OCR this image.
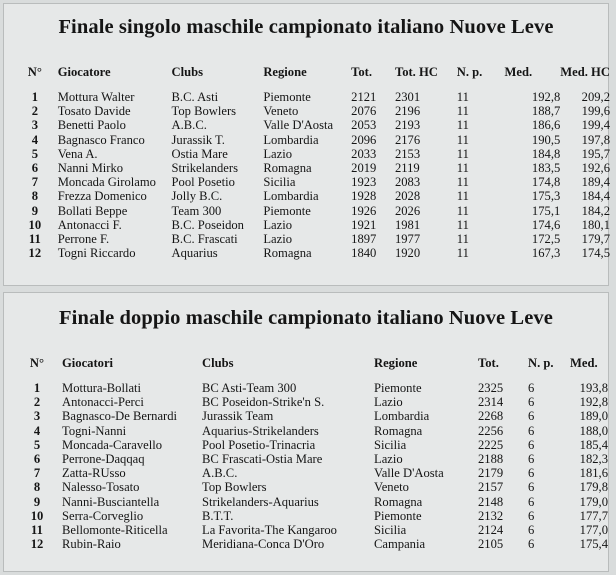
Finale singolo maschile campionato italiano Nuove Leve
N°	Giocatore	Clubs	Regione	Tot.	Tot. HC	N. p.	Med.	Med. HC

1	Mottura Walter	B.C. Asti	Piemonte	2121	2301	11	192,8	209,2
2	Tosato Davide	Top Bowlers	Veneto	2076	2196	11	188,7	199,6
3	Benetti Paolo	A.B.C.	Valle D'Aosta	2053	2193	11	186,6	199,4
4	Bagnasco Franco	Jurassik T.	Lombardia	2096	2176	11	190,5	197,8
5	Vena A.	Ostia Mare	Lazio	2033	2153	11	184,8	195,7
6	Nanni Mirko	Strikelanders	Romagna	2019	2119	11	183,5	192,6
7	Moncada Girolamo	Pool Posetio	Sicilia	1923	2083	11	174,8	189,4
8	Frezza Domenico	Jolly B.C.	Lombardia	1928	2028	11	175,3	184,4
9	Bollati Beppe	Team 300	Piemonte	1926	2026	11	175,1	184,2
10	Antonacci F.	B.C. Poseidon	Lazio	1921	1981	11	174,6	180,1
11	Perrone F.	B.C. Frascati	Lazio	1897	1977	11	172,5	179,7
12	Togni Riccardo	Aquarius	Romagna	1840	1920	11	167,3	174,5
Finale doppio maschile campionato italiano Nuove Leve
N°	Giocatori	Clubs	Regione	Tot.	N. p.	Med.

1	Mottura-Bollati	BC Asti-Team 300	Piemonte	2325	6	193,8
2	Antonacci-Perci	BC Poseidon-Strike'n S.	Lazio	2314	6	192,8
3	Bagnasco-De Bernardi	Jurassik Team	Lombardia	2268	6	189,0
4	Togni-Nanni	Aquarius-Strikelanders	Romagna	2256	6	188,0
5	Moncada-Caravello	Pool Posetio-Trinacria	Sicilia	2225	6	185,4
6	Perrone-Daqqaq	BC Frascati-Ostia Mare	Lazio	2188	6	182,3
7	Zatta-RUsso	A.B.C.	Valle D'Aosta	2179	6	181,6
8	Nalesso-Tosato	Top Bowlers	Veneto	2157	6	179,8
9	Nanni-Busciantella	Strikelanders-Aquarius	Romagna	2148	6	179,0
10	Serra-Corveglio	B.T.T.	Piemonte	2132	6	177,7
11	Bellomonte-Riticella	La Favorita-The Kangaroo	Sicilia	2124	6	177,0
12	Rubin-Raio	Meridiana-Conca D'Oro	Campania	2105	6	175,4
